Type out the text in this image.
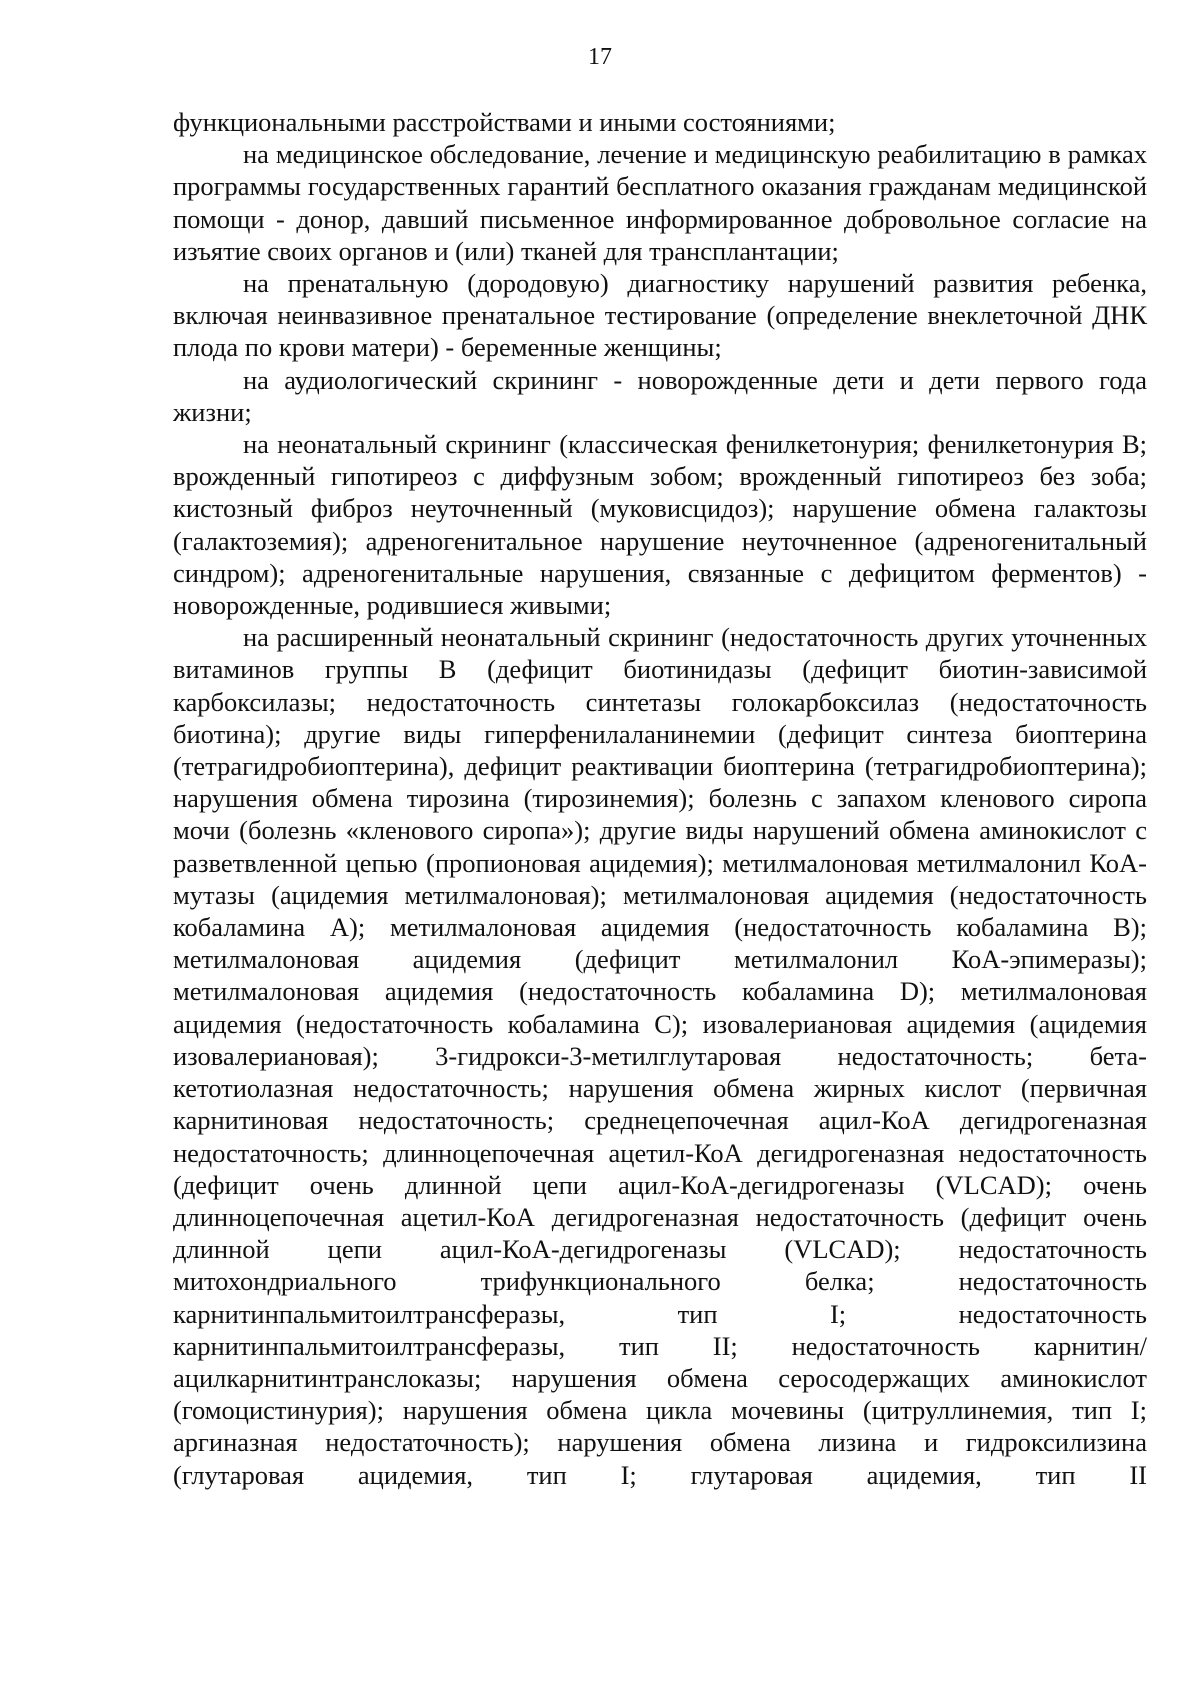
17

функциональными расстройствами и иными состояниями;

на медицинское обследование, лечение и медицинскую реабилитацию в рамках программы государственных гарантий бесплатного оказания гражданам медицинской помощи - донор, давший письменное информированное добровольное согласие на изъятие своих органов и (или) тканей для трансплантации;

на пренатальную (дородовую) диагностику нарушений развития ребенка, включая неинвазивное пренатальное тестирование (определение внеклеточной ДНК плода по крови матери) - беременные женщины;

на аудиологический скрининг - новорожденные дети и дети первого года жизни;

на неонатальный скрининг (классическая фенилкетонурия; фенилкетонурия B; врожденный гипотиреоз с диффузным зобом; врожденный гипотиреоз без зоба; кистозный фиброз неуточненный (муковисцидоз); нарушение обмена галактозы (галактоземия); адреногенитальное нарушение неуточненное (адреногенитальный синдром); адреногенитальные нарушения, связанные с дефицитом ферментов) - новорожденные, родившиеся живыми;

на расширенный неонатальный скрининг (недостаточность других уточненных витаминов группы B (дефицит биотинидазы (дефицит биотин-зависимой карбоксилазы; недостаточность синтетазы голокарбоксилаз (недостаточность биотина); другие виды гиперфенилаланинемии (дефицит синтеза биоптерина (тетрагидробиоптерина), дефицит реактивации биоптерина (тетрагидробиоптерина); нарушения обмена тирозина (тирозинемия); болезнь с запахом кленового сиропа мочи (болезнь «кленового сиропа»); другие виды нарушений обмена аминокислот с разветвленной цепью (пропионовая ацидемия); метилмалоновая метилмалонил КоА-мутазы (ацидемия метилмалоновая); метилмалоновая ацидемия (недостаточность кобаламина A); метилмалоновая ацидемия (недостаточность кобаламина B); метилмалоновая ацидемия (дефицит метилмалонил КоА-эпимеразы); метилмалоновая ацидемия (недостаточность кобаламина D); метилмалоновая ацидемия (недостаточность кобаламина C); изовалериановая ацидемия (ацидемия изовалериановая); 3-гидрокси-3-метилглутаровая недостаточность; бета-кетотиолазная недостаточность; нарушения обмена жирных кислот (первичная карнитиновая недостаточность; среднецепочечная ацил-КоА дегидрогеназная недостаточность; длинноцепочечная ацетил-КоА дегидрогеназная недостаточность (дефицит очень длинной цепи ацил-КоА-дегидрогеназы (VLCAD); очень длинноцепочечная ацетил-КоА дегидрогеназная недостаточность (дефицит очень длинной цепи ацил-КоА-дегидрогеназы (VLCAD); недостаточность митохондриального трифункционального белка; недостаточность карнитинпальмитоилтрансферазы, тип I; недостаточность карнитинпальмитоилтрансферазы, тип II; недостаточность карнитин/ацилкарнитинтранслоказы; нарушения обмена серосодержащих аминокислот (гомоцистинурия); нарушения обмена цикла мочевины (цитруллинемия, тип I; аргиназная недостаточность); нарушения обмена лизина и гидроксилизина (глутаровая ацидемия, тип I; глутаровая ацидемия, тип II
